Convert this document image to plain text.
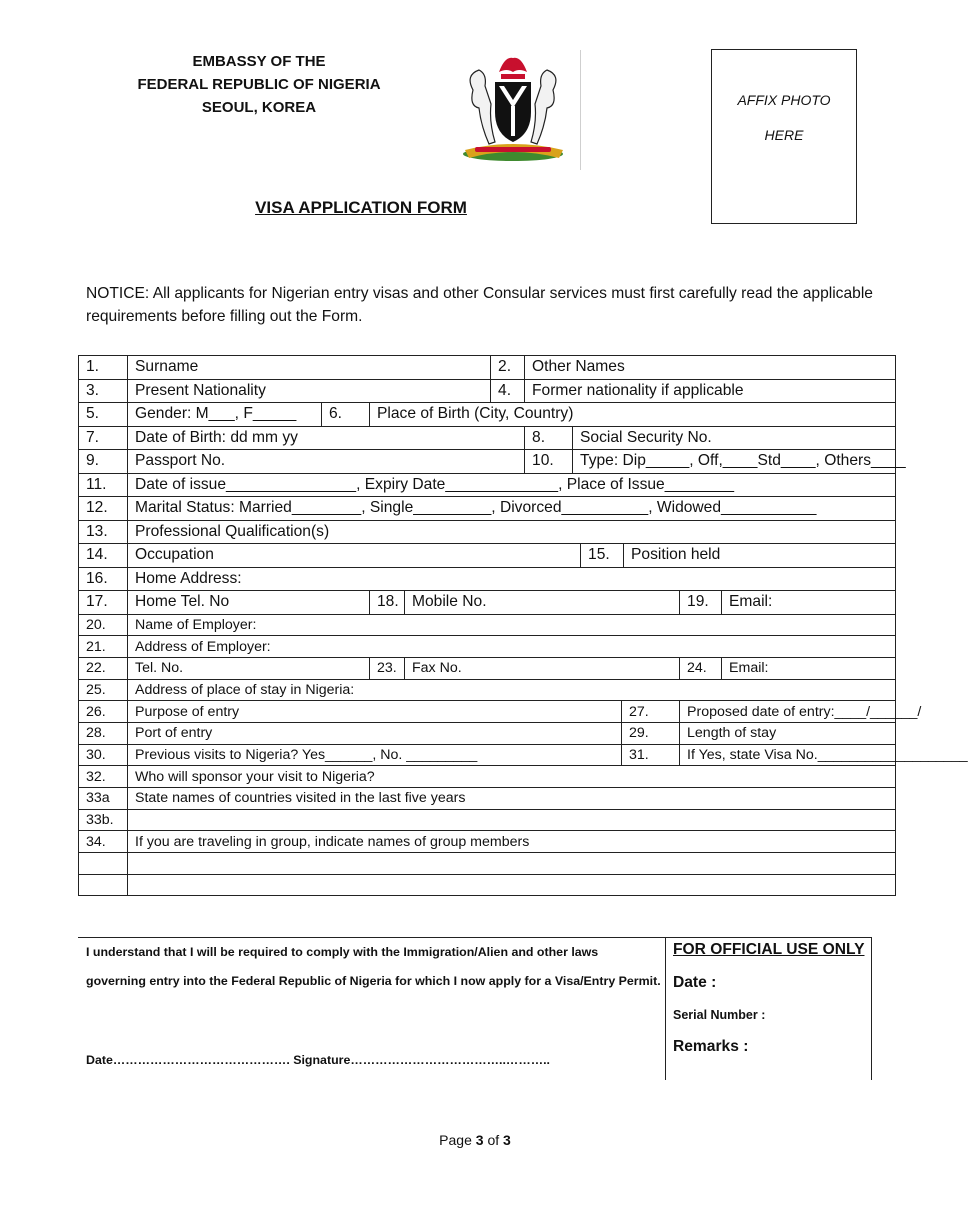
EMBASSY OF THE
FEDERAL REPUBLIC OF NIGERIA
SEOUL, KOREA	AFFIX PHOTO
HERE
VISA APPLICATION FORM
NOTICE: All applicants for Nigerian entry visas and other Consular services must first carefully read the applicable requirements before filling out the Form.
1.	Surname				2.	Other Names						
3.	Present Nationality				4.	Former nationality if applicable						
5.	Gender: M___, F_____	6.	Place of Birth (City, Country)									
7.	Date of Birth: dd mm yy					8.	Social Security No.					
9.	Passport No.					10.	Type: Dip_____, Off,____Std____, Others____					
11.	Date of issue_______________, Expiry Date_____________, Place of Issue________											
12.	Marital Status: Married________, Single_________, Divorced__________, Widowed___________											
13.	Professional Qualification(s)											
14.	Occupation							15.		Position held		
16.	Home Address:											
17.	Home Tel. No		18.	Mobile No.							19.	Email:
20.	Name of Employer:											
21.	Address of Employer:											
22.	Tel. No.		23.	Fax No.							24.	Email:
25.	Address of place of stay in Nigeria:											
26.	Purpose of entry								27.		Proposed date of entry:____/______/	
28.	Port of entry								29.		Length of stay	
30.	Previous visits to Nigeria? Yes______, No. _________								31.		If Yes, state Visa No.___________________	
32.	Who will sponsor your visit to Nigeria?											
33a	State names of countries visited in the last five years											
33b.												
34.	If you are traveling in group, indicate names of group members											

I understand that I will be required to comply with the Immigration/Alien and other laws governing entry into the Federal Republic of Nigeria for which I now apply for a Visa/Entry Permit.
Date……………………………………. Signature………………………………..………..
FOR OFFICIAL USE ONLY
Date :
Serial Number :
Remarks :
Page 3 of 3
